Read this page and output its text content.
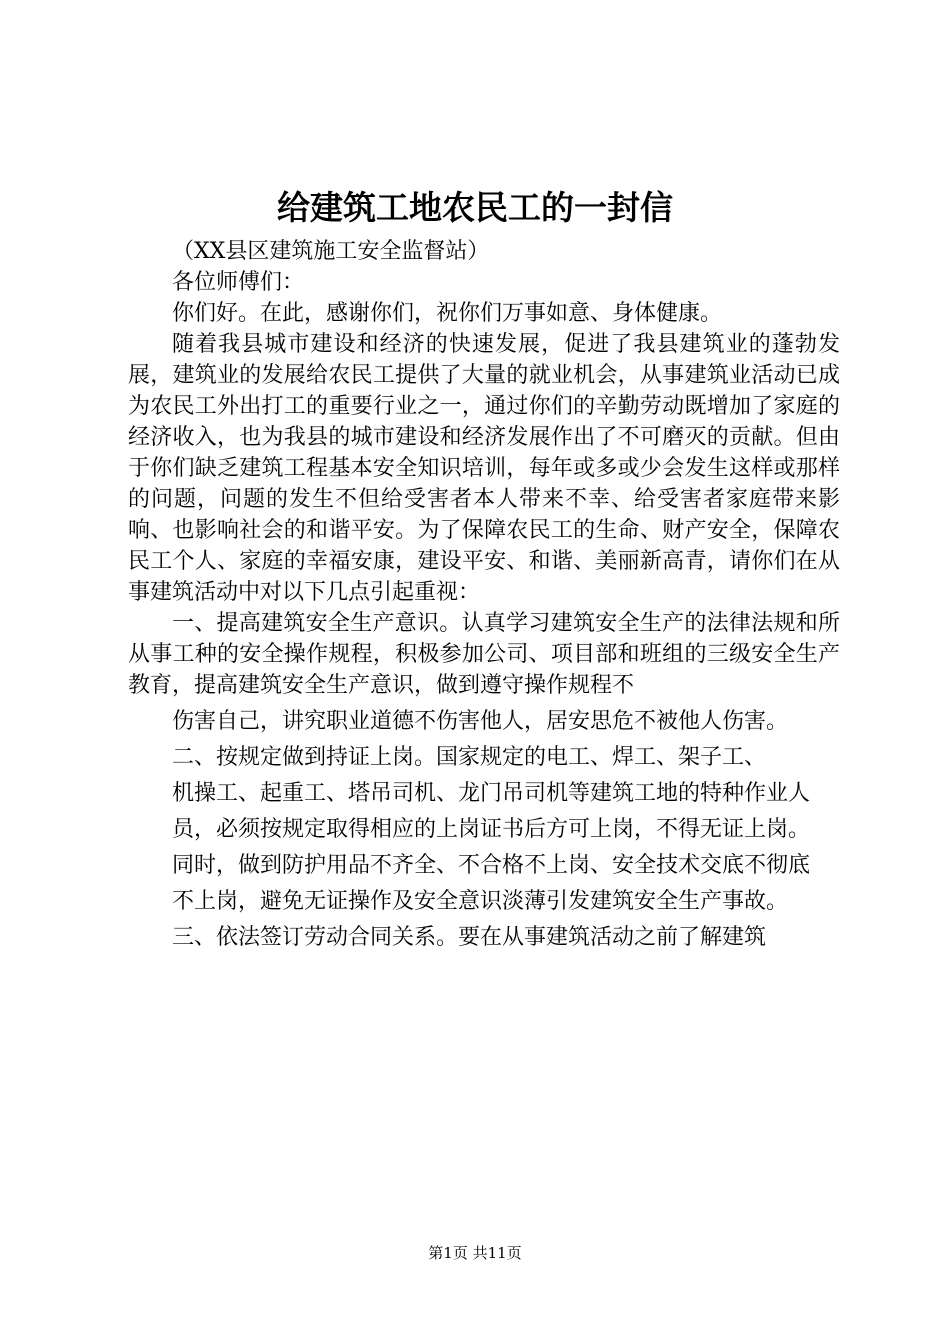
给建筑工地农民工的一封信

（XX县区建筑施工安全监督站）

各位师傅们：

你们好。在此，感谢你们，祝你们万事如意、身体健康。

随着我县城市建设和经济的快速发展，促进了我县建筑业的蓬勃发展，建筑业的发展给农民工提供了大量的就业机会，从事建筑业活动已成为农民工外出打工的重要行业之一，通过你们的辛勤劳动既增加了家庭的经济收入，也为我县的城市建设和经济发展作出了不可磨灭的贡献。但由于你们缺乏建筑工程基本安全知识培训，每年或多或少会发生这样或那样的问题，问题的发生不但给受害者本人带来不幸、给受害者家庭带来影响、也影响社会的和谐平安。为了保障农民工的生命、财产安全，保障农民工个人、家庭的幸福安康，建设平安、和谐、美丽新高青，请你们在从事建筑活动中对以下几点引起重视：

一、提高建筑安全生产意识。认真学习建筑安全生产的法律法规和所从事工种的安全操作规程，积极参加公司、项目部和班组的三级安全生产教育，提高建筑安全生产意识，做到遵守操作规程不

伤害自己，讲究职业道德不伤害他人，居安思危不被他人伤害。

二、按规定做到持证上岗。国家规定的电工、焊工、架子工、

机操工、起重工、塔吊司机、龙门吊司机等建筑工地的特种作业人

员，必须按规定取得相应的上岗证书后方可上岗，不得无证上岗。

同时，做到防护用品不齐全、不合格不上岗、安全技术交底不彻底

不上岗，避免无证操作及安全意识淡薄引发建筑安全生产事故。

三、依法签订劳动合同关系。要在从事建筑活动之前了解建筑

第1页 共11页
